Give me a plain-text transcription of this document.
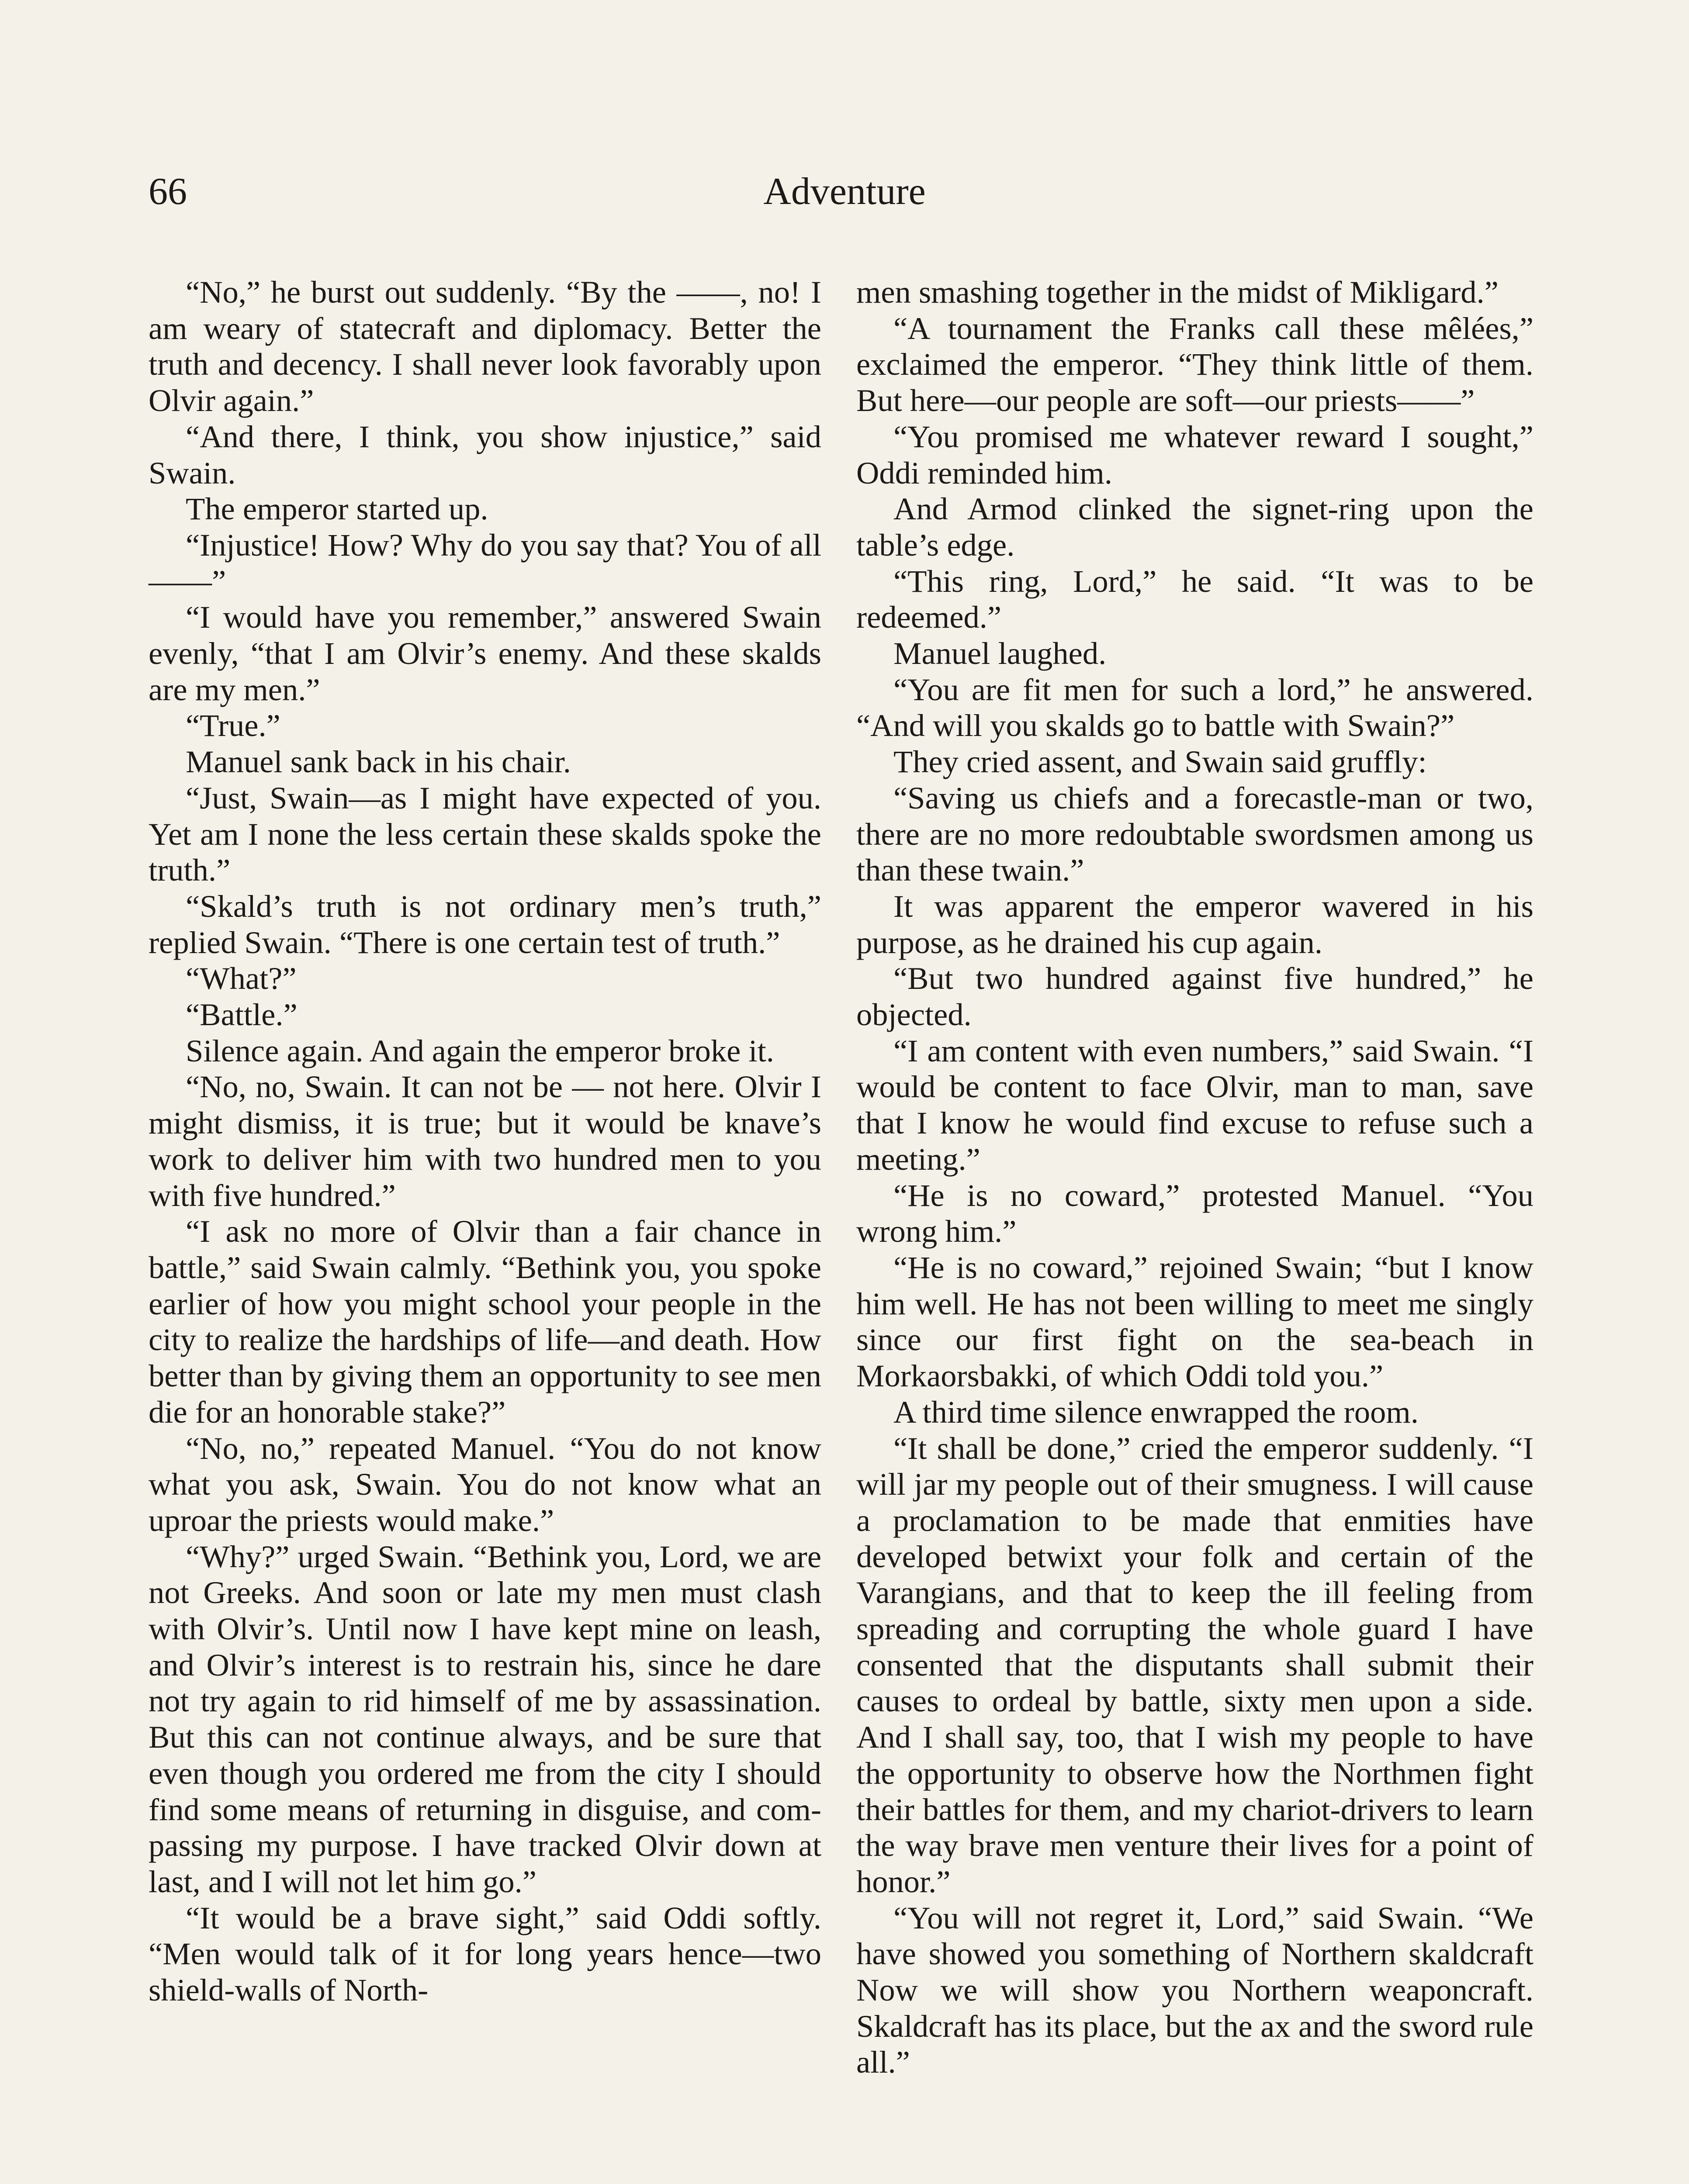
66	Adventure

“No,” he burst out suddenly. “By the ——, no! I am weary of statecraft and diplomacy. Better the truth and decency. I shall never look favorably upon Olvir again.”

“And there, I think, you show injustice,” said Swain.

The emperor started up.

“Injustice! How? Why do you say that? You of all——”

“I would have you remember,” answered Swain evenly, “that I am Olvir’s enemy. And these skalds are my men.”

“True.”

Manuel sank back in his chair.

“Just, Swain—as I might have expected of you. Yet am I none the less certain these skalds spoke the truth.”

“Skald’s truth is not ordinary men’s truth,” replied Swain. “There is one certain test of truth.”

“What?”

“Battle.”

Silence again. And again the emperor broke it.

“No, no, Swain. It can not be — not here. Olvir I might dismiss, it is true; but it would be knave’s work to deliver him with two hundred men to you with five hundred.”

“I ask no more of Olvir than a fair chance in battle,” said Swain calmly. “Bethink you, you spoke earlier of how you might school your people in the city to realize the hardships of life—and death. How better than by giving them an opportunity to see men die for an honorable stake?”

“No, no,” repeated Manuel. “You do not know what you ask, Swain. You do not know what an uproar the priests would make.”

“Why?” urged Swain. “Bethink you, Lord, we are not Greeks. And soon or late my men must clash with Olvir’s. Until now I have kept mine on leash, and Olvir’s interest is to restrain his, since he dare not try again to rid himself of me by assassination. But this can not continue always, and be sure that even though you ordered me from the city I should find some means of returning in disguise, and compassing my purpose. I have tracked Olvir down at last, and I will not let him go.”

“It would be a brave sight,” said Oddi softly. “Men would talk of it for long years hence—two shield-walls of North-

men smashing together in the midst of Mikligard.”

“A tournament the Franks call these mêlées,” exclaimed the emperor. “They think little of them. But here—our people are soft—our priests——”

“You promised me whatever reward I sought,” Oddi reminded him.

And Armod clinked the signet-ring upon the table’s edge.

“This ring, Lord,” he said. “It was to be redeemed.”

Manuel laughed.

“You are fit men for such a lord,” he answered. “And will you skalds go to battle with Swain?”

They cried assent, and Swain said gruffly:

“Saving us chiefs and a forecastle-man or two, there are no more redoubtable swordsmen among us than these twain.”

It was apparent the emperor wavered in his purpose, as he drained his cup again.

“But two hundred against five hundred,” he objected.

“I am content with even numbers,” said Swain. “I would be content to face Olvir, man to man, save that I know he would find excuse to refuse such a meeting.”

“He is no coward,” protested Manuel. “You wrong him.”

“He is no coward,” rejoined Swain; “but I know him well. He has not been willing to meet me singly since our first fight on the sea-beach in Morkaorsbakki, of which Oddi told you.”

A third time silence enwrapped the room.

“It shall be done,” cried the emperor suddenly. “I will jar my people out of their smugness. I will cause a proclamation to be made that enmities have developed betwixt your folk and certain of the Varangians, and that to keep the ill feeling from spreading and corrupting the whole guard I have consented that the disputants shall submit their causes to ordeal by battle, sixty men upon a side. And I shall say, too, that I wish my people to have the opportunity to observe how the Northmen fight their battles for them, and my chariot-drivers to learn the way brave men venture their lives for a point of honor.”

“You will not regret it, Lord,” said Swain. “We have showed you something of Northern skaldcraft Now we will show you Northern weaponcraft. Skaldcraft has its place, but the ax and the sword rule all.”
